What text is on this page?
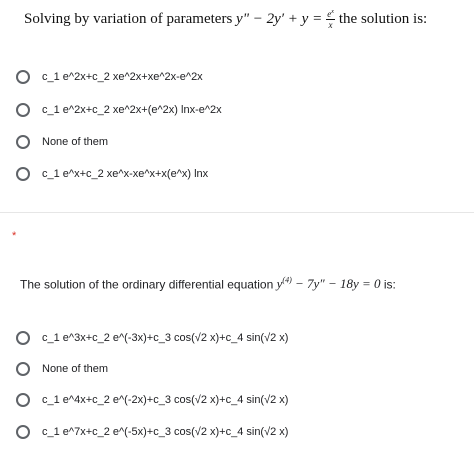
Solving by variation of parameters
y" − $2y' + y = \frac{e^x}{x}$ the solution is:
c_1 e^2x+c_2 xe^2x+xe^2x-e^2x
c_1 e^2x+c_2 xe^2x+(e^2x) lnx-e^2x
None of them
c_1 e^x+c_2 xe^x-xe^x+x(e^x) lnx
*
The solution of the ordinary differential equation $y^{(4)} - 7y'' - 18y = 0$ is:
c_1 e^3x+c_2 e^(-3x)+c_3 cos(√2 x)+c_4 sin(√2 x)
None of them
c_1 e^4x+c_2 e^(-2x)+c_3 cos(√2 x)+c_4 sin(√2 x)
c_1 e^7x+c_2 e^(-5x)+c_3 cos(√2 x)+c_4 sin(√2 x)
